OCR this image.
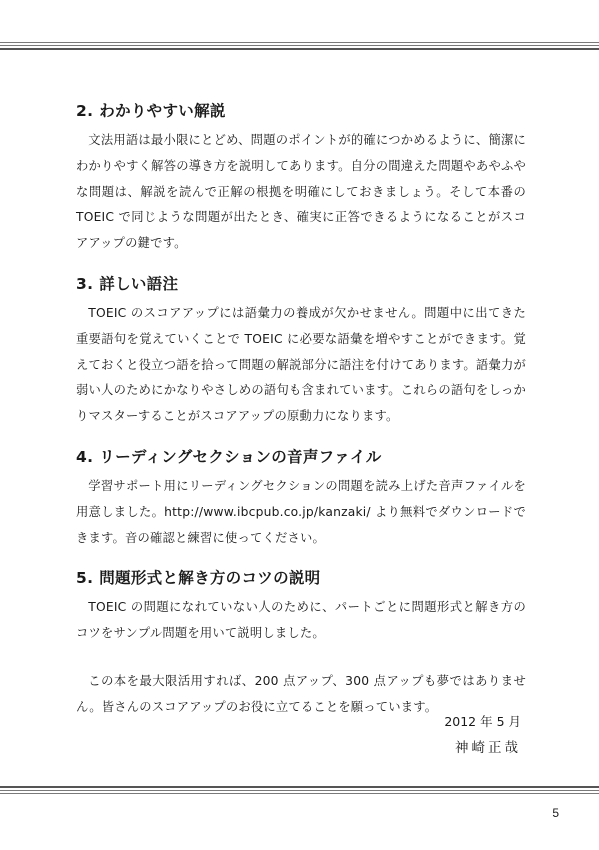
2. わかりやすい解説

文法用語は最小限にとどめ、問題のポイントが的確につかめるように、簡潔にわかりやすく解答の導き方を説明してあります。自分の間違えた問題やあやふやな問題は、解説を読んで正解の根拠を明確にしておきましょう。そして本番の TOEIC で同じような問題が出たとき、確実に正答できるようになることがスコアアップの鍵です。

3. 詳しい語注

TOEIC のスコアアップには語彙力の養成が欠かせません。問題中に出てきた重要語句を覚えていくことで TOEIC に必要な語彙を増やすことができます。覚えておくと役立つ語を拾って問題の解説部分に語注を付けてあります。語彙力が弱い人のためにかなりやさしめの語句も含まれています。これらの語句をしっかりマスターすることがスコアアップの原動力になります。

4. リーディングセクションの音声ファイル

学習サポート用にリーディングセクションの問題を読み上げた音声ファイルを用意しました。http://www.ibcpub.co.jp/kanzaki/ より無料でダウンロードできます。音の確認と練習に使ってください。

5. 問題形式と解き方のコツの説明

TOEIC の問題になれていない人のために、パートごとに問題形式と解き方のコツをサンプル問題を用いて説明しました。

この本を最大限活用すれば、200 点アップ、300 点アップも夢ではありません。皆さんのスコアアップのお役に立てることを願っています。

2012 年 5 月
神崎正哉
5
